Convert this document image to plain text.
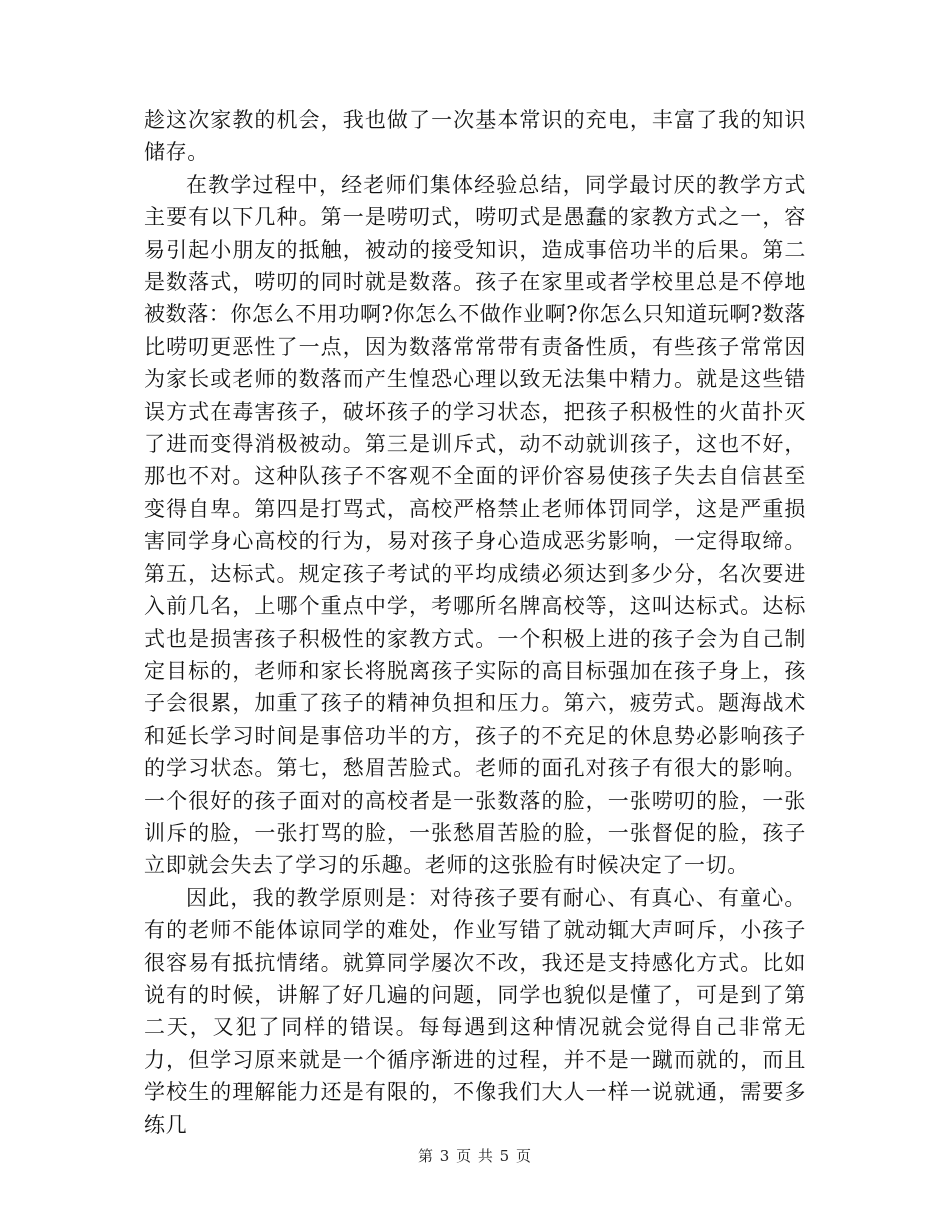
趁这次家教的机会，我也做了一次基本常识的充电，丰富了我的知识储存。

在教学过程中，经老师们集体经验总结，同学最讨厌的教学方式主要有以下几种。第一是唠叨式，唠叨式是愚蠢的家教方式之一，容易引起小朋友的抵触，被动的接受知识，造成事倍功半的后果。第二是数落式，唠叨的同时就是数落。孩子在家里或者学校里总是不停地被数落：你怎么不用功啊?你怎么不做作业啊?你怎么只知道玩啊?数落比唠叨更恶性了一点，因为数落常常带有责备性质，有些孩子常常因为家长或老师的数落而产生惶恐心理以致无法集中精力。就是这些错误方式在毒害孩子，破坏孩子的学习状态，把孩子积极性的火苗扑灭了进而变得消极被动。第三是训斥式，动不动就训孩子，这也不好，那也不对。这种队孩子不客观不全面的评价容易使孩子失去自信甚至变得自卑。第四是打骂式，高校严格禁止老师体罚同学，这是严重损害同学身心高校的行为，易对孩子身心造成恶劣影响，一定得取缔。第五，达标式。规定孩子考试的平均成绩必须达到多少分，名次要进入前几名，上哪个重点中学，考哪所名牌高校等，这叫达标式。达标式也是损害孩子积极性的家教方式。一个积极上进的孩子会为自己制定目标的，老师和家长将脱离孩子实际的高目标强加在孩子身上，孩子会很累，加重了孩子的精神负担和压力。第六，疲劳式。题海战术和延长学习时间是事倍功半的方，孩子的不充足的休息势必影响孩子的学习状态。第七，愁眉苦脸式。老师的面孔对孩子有很大的影响。一个很好的孩子面对的高校者是一张数落的脸，一张唠叨的脸，一张训斥的脸，一张打骂的脸，一张愁眉苦脸的脸，一张督促的脸，孩子立即就会失去了学习的乐趣。老师的这张脸有时候决定了一切。

因此，我的教学原则是：对待孩子要有耐心、有真心、有童心。有的老师不能体谅同学的难处，作业写错了就动辄大声呵斥，小孩子很容易有抵抗情绪。就算同学屡次不改，我还是支持感化方式。比如说有的时候，讲解了好几遍的问题，同学也貌似是懂了，可是到了第二天，又犯了同样的错误。每每遇到这种情况就会觉得自己非常无力，但学习原来就是一个循序渐进的过程，并不是一蹴而就的，而且学校生的理解能力还是有限的，不像我们大人一样一说就通，需要多练几

第 3 页 共 5 页
